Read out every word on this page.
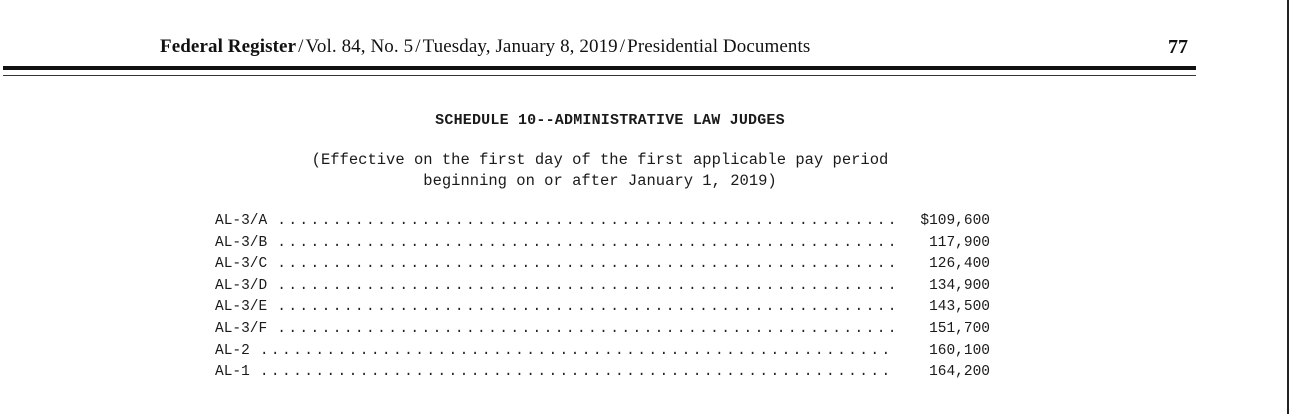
Federal Register / Vol. 84, No. 5 / Tuesday, January 8, 2019 / Presidential Documents	77
SCHEDULE 10--ADMINISTRATIVE LAW JUDGES
(Effective on the first day of the first applicable pay period
beginning on or after January 1, 2019)
AL-3/A .....	$109,600
AL-3/B .....	117,900
AL-3/C .....	126,400
AL-3/D .....	134,900
AL-3/E .....	143,500
AL-3/F .....	151,700
AL-2 .....	160,100
AL-1 .....	164,200
